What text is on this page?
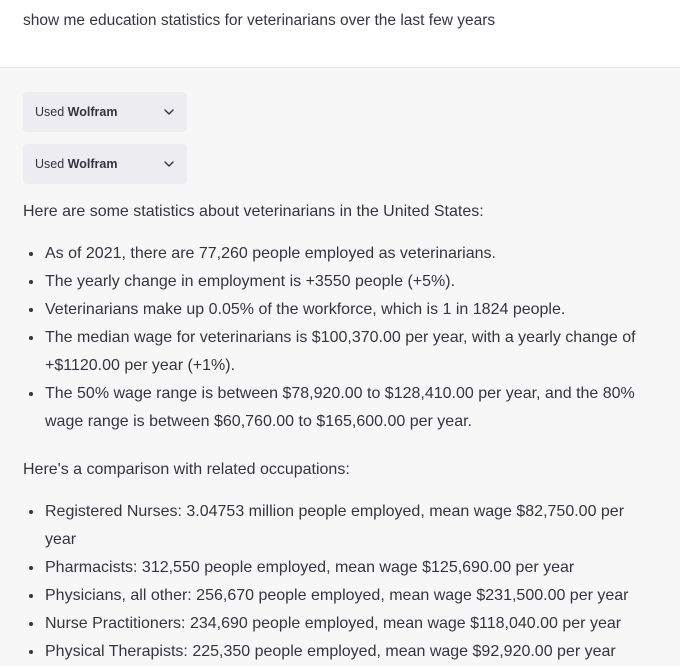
show me education statistics for veterinarians over the last few years
Used Wolfram
Used Wolfram

Here are some statistics about veterinarians in the United States:

As of 2021, there are 77,260 people employed as veterinarians.
The yearly change in employment is +3550 people (+5%).
Veterinarians make up 0.05% of the workforce, which is 1 in 1824 people.
The median wage for veterinarians is $100,370.00 per year, with a yearly change of +$1120.00 per year (+1%).
The 50% wage range is between $78,920.00 to $128,410.00 per year, and the 80% wage range is between $60,760.00 to $165,600.00 per year.

Here's a comparison with related occupations:

Registered Nurses: 3.04753 million people employed, mean wage $82,750.00 per year
Pharmacists: 312,550 people employed, mean wage $125,690.00 per year
Physicians, all other: 256,670 people employed, mean wage $231,500.00 per year
Nurse Practitioners: 234,690 people employed, mean wage $118,040.00 per year
Physical Therapists: 225,350 people employed, mean wage $92,920.00 per year
